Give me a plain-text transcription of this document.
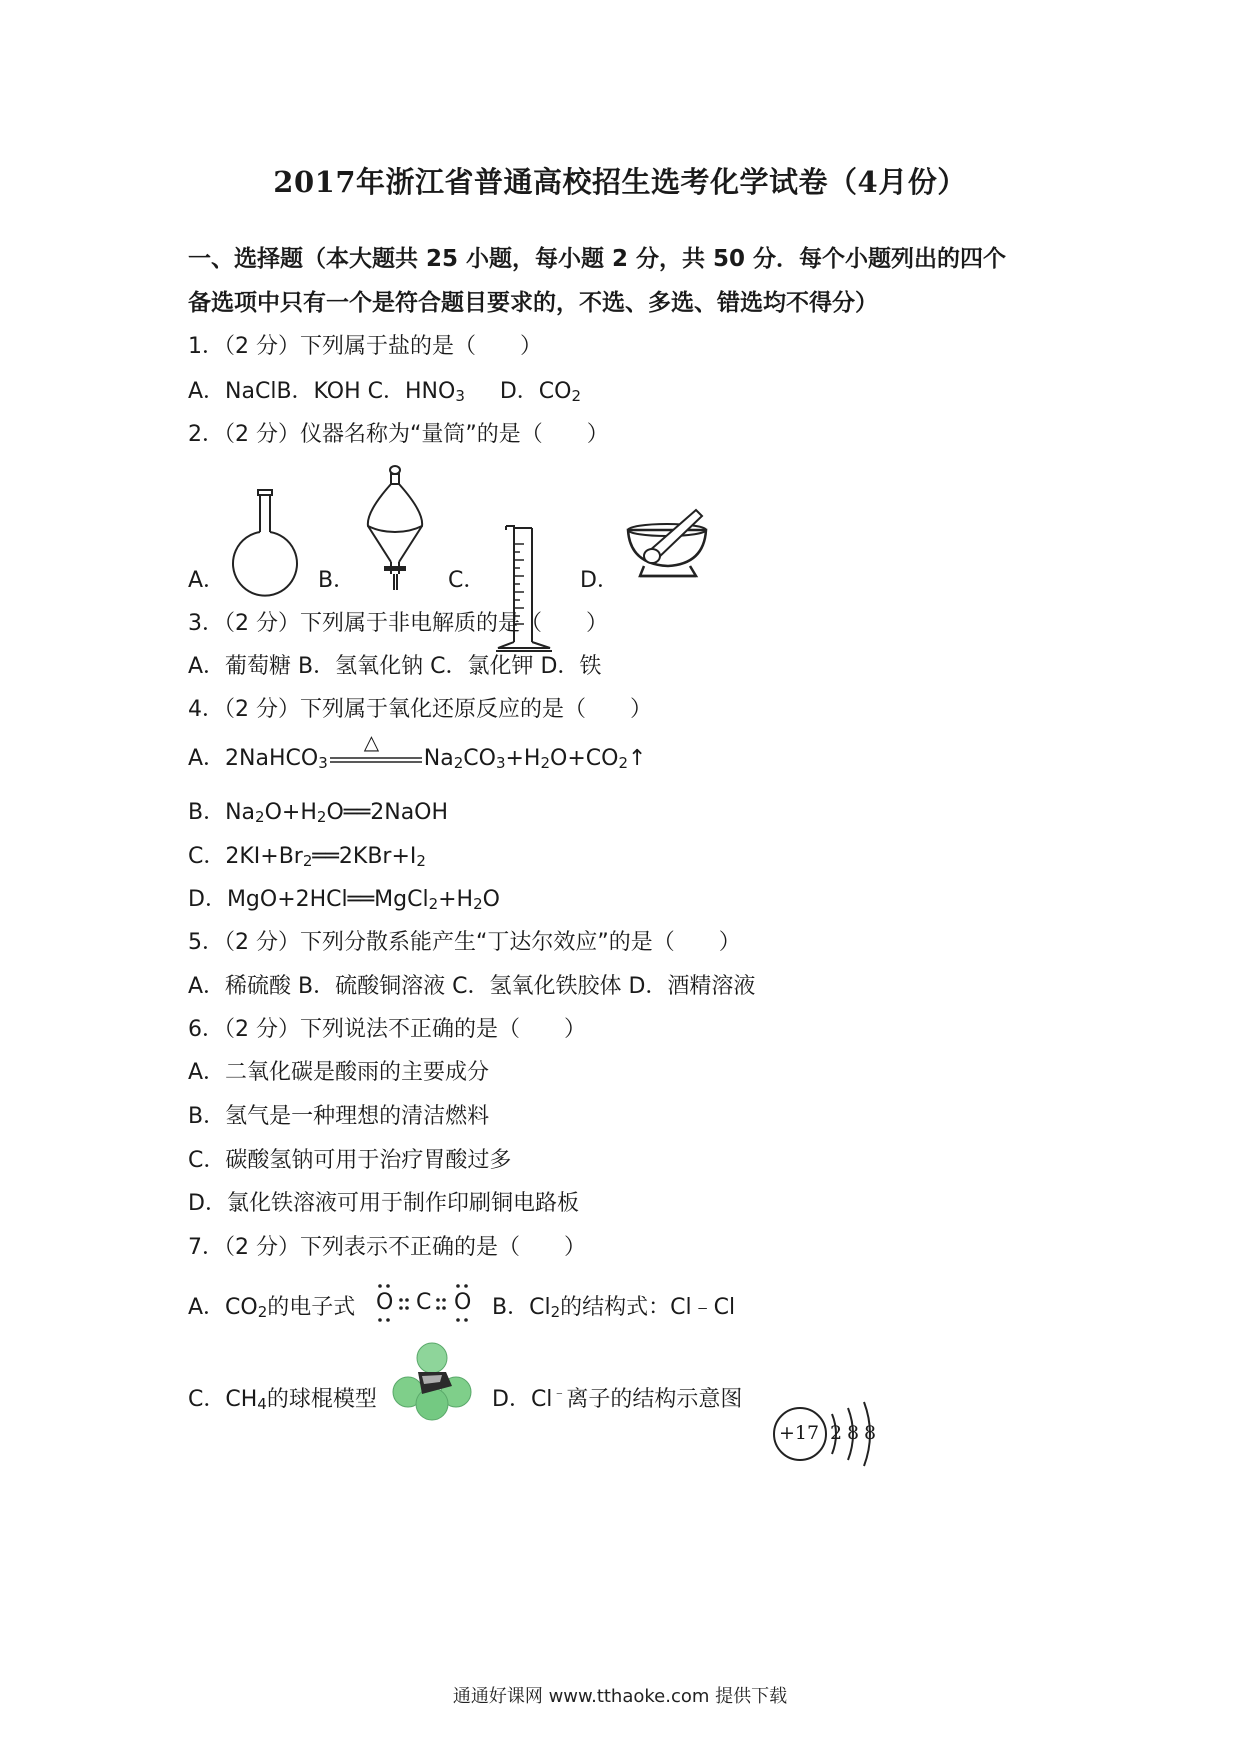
2017年浙江省普通高校招生选考化学试卷（4月份）
一、选择题（本大题共 25 小题，每小题 2 分，共 50 分．每个小题列出的四个
备选项中只有一个是符合题目要求的，不选、多选、错选均不得分）
1．（2 分）下列属于盐的是（　　）
A．NaClB．KOH C．$HNO_3$ D．$CO_2$
2．（2 分）仪器名称为“量筒”的是（　　）
A．	B．	C．	D．
3．（2 分）下列属于非电解质的是（　　）
A．葡萄糖 B．氢氧化钠 C．氯化钾 D．铁
4．（2 分）下列属于氧化还原反应的是（　　）
A．2NaHCO$_3$
△
$Na_2CO_3+H_2O+CO_2↑$
B．$Na_2O+H_2O══2NaOH$
C．$2KI+Br_2══2KBr+I_2$
D．$MgO+2HCl══MgCl_2+H_2O$
5．（2 分）下列分散系能产生“丁达尔效应”的是（　　）
A．稀硫酸 B．硫酸铜溶液 C．氢氧化铁胶体 D．酒精溶液
6．（2 分）下列说法不正确的是（　　）
A．二氧化碳是酸雨的主要成分
B．氢气是一种理想的清洁燃料
C．碳酸氢钠可用于治疗胃酸过多
D．氯化铁溶液可用于制作印刷铜电路板
7．（2 分）下列表示不正确的是（　　）
A．$CO_2$的电子式 O C O B．$Cl_2$的结构式：Cl﹣Cl
C．$CH_4$的球棍模型	D．Cl﹣离子的结构示意图
+17 2 8 8
通通好课网 www.tthaoke.com 提供下载
